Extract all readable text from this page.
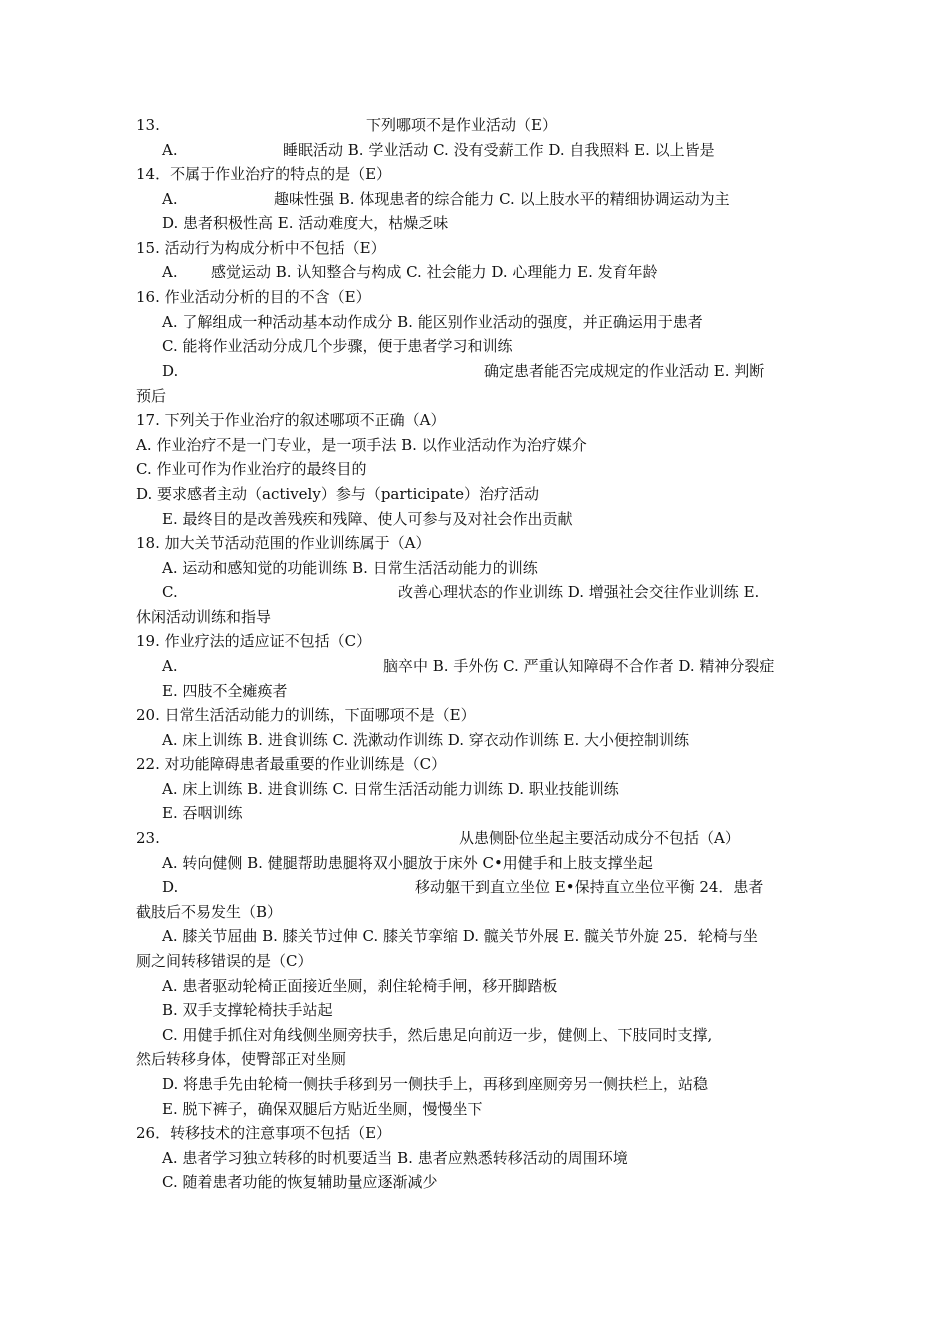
13.	下列哪项不是作业活动（E）
A.	睡眠活动 B. 学业活动 C. 没有受薪工作 D. 自我照料 E. 以上皆是
14．不属于作业治疗的特点的是（E）
A.	趣味性强 B. 体现患者的综合能力 C. 以上肢水平的精细协调运动为主
D. 患者积极性高 E. 活动难度大，枯燥乏味
15. 活动行为构成分析中不包括（E）
A. 感觉运动 B. 认知整合与构成 C. 社会能力 D. 心理能力 E. 发育年龄
16. 作业活动分析的目的不含（E）
A. 了解组成一种活动基本动作成分 B. 能区别作业活动的强度，并正确运用于患者
C. 能将作业活动分成几个步骤，便于患者学习和训练
D.	确定患者能否完成规定的作业活动 E. 判断
预后
17. 下列关于作业治疗的叙述哪项不正确（A）
A. 作业治疗不是一门专业，是一项手法 B. 以作业活动作为治疗媒介
C. 作业可作为作业治疗的最终目的
D. 要求感者主动（actively）参与（participate）治疗活动
E. 最终目的是改善残疾和残障、使人可参与及对社会作出贡献
18. 加大关节活动范围的作业训练属于（A）
A. 运动和感知觉的功能训练 B. 日常生活活动能力的训练
C.	改善心理状态的作业训练 D. 增强社会交往作业训练 E.
休闲活动训练和指导
19. 作业疗法的适应证不包括（C）
A.	脑卒中 B. 手外伤 C. 严重认知障碍不合作者 D. 精神分裂症
E. 四肢不全瘫痪者
20. 日常生活活动能力的训练，下面哪项不是（E）
A. 床上训练 B. 进食训练 C. 洗漱动作训练 D. 穿衣动作训练 E. 大小便控制训练
22. 对功能障碍患者最重要的作业训练是（C）
A. 床上训练 B. 进食训练 C. 日常生活活动能力训练 D. 职业技能训练
E. 吞咽训练
23.	从患侧卧位坐起主要活动成分不包括（A）
A. 转向健侧 B. 健腿帮助患腿将双小腿放于床外 C•用健手和上肢支撑坐起
D.	移动躯干到直立坐位 E•保持直立坐位平衡 24．患者
截肢后不易发生（B）
A. 膝关节屈曲 B. 膝关节过伸 C. 膝关节挛缩 D. 髋关节外展 E. 髋关节外旋 25．轮椅与坐
厕之间转移错误的是（C）
A. 患者驱动轮椅正面接近坐厕，刹住轮椅手闸，移开脚踏板
B. 双手支撑轮椅扶手站起
C. 用健手抓住对角线侧坐厕旁扶手，然后患足向前迈一步，健侧上、下肢同时支撑,
然后转移身体，使臀部正对坐厕
D. 将患手先由轮椅一侧扶手移到另一侧扶手上，再移到座厕旁另一侧扶栏上，站稳
E. 脱下裤子，确保双腿后方贴近坐厕，慢慢坐下
26．转移技术的注意事项不包括（E）
A. 患者学习独立转移的时机要适当 B. 患者应熟悉转移活动的周围环境
C. 随着患者功能的恢复辅助量应逐渐减少
